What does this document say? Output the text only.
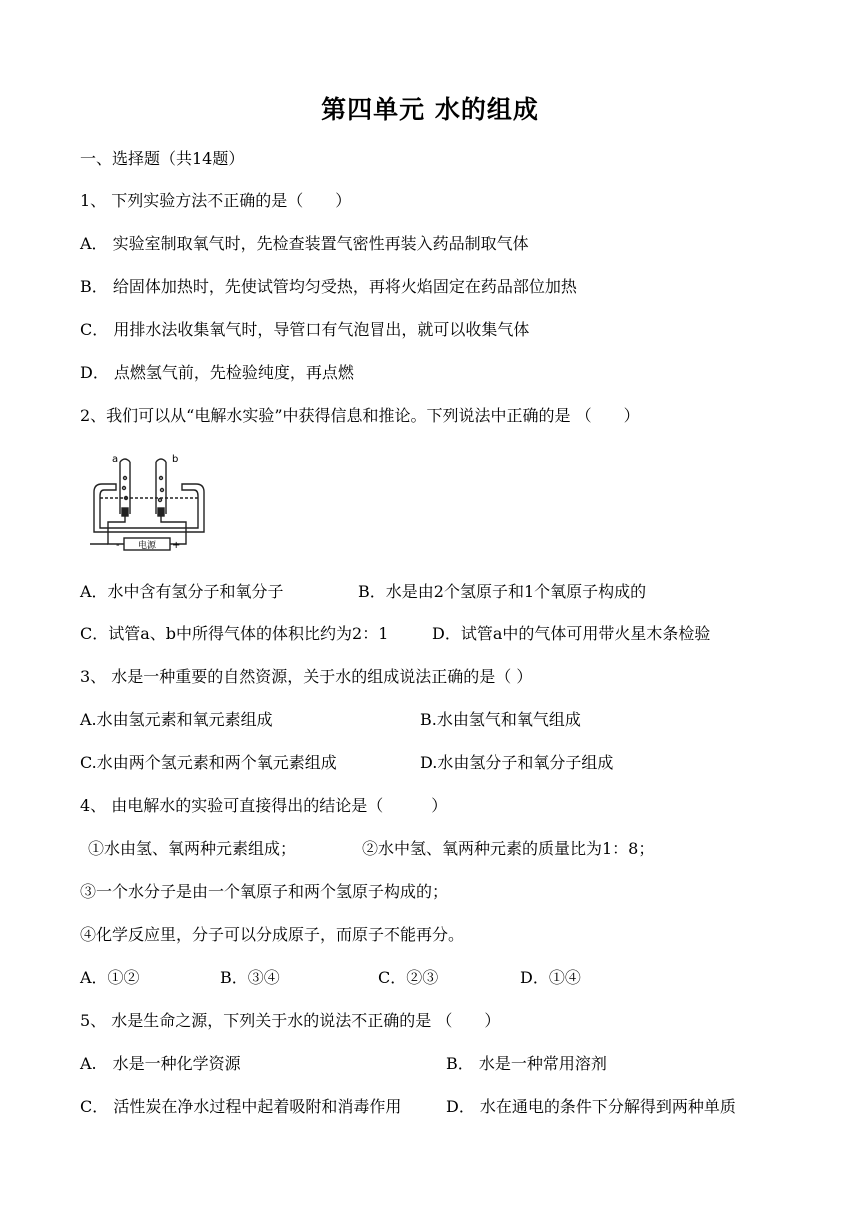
第四单元 水的组成
一、选择题（共14题）
1、 下列实验方法不正确的是（　　）
A． 实验室制取氧气时，先检查装置气密性再装入药品制取气体
B． 给固体加热时，先使试管均匀受热，再将火焰固定在药品部位加热
C． 用排水法收集氧气时，导管口有气泡冒出，就可以收集气体
D． 点燃氢气前，先检验纯度，再点燃
2、我们可以从“电解水实验”中获得信息和推论。下列说法中正确的是 （　　）
a	b
电源
-	+
A．水中含有氢分子和氧分子	B．水是由2个氢原子和1个氧原子构成的
C．试管a、b中所得气体的体积比约为2：1	D．试管a中的气体可用带火星木条检验
3、 水是一种重要的自然资源，关于水的组成说法正确的是（ ）
A.水由氢元素和氧元素组成	B.水由氢气和氧气组成
C.水由两个氢元素和两个氧元素组成	D.水由氢分子和氧分子组成
4、 由电解水的实验可直接得出的结论是（　　　）
①水由氢、氧两种元素组成；	②水中氢、氧两种元素的质量比为1：8；
③一个水分子是由一个氧原子和两个氢原子构成的；
④化学反应里，分子可以分成原子，而原子不能再分。
A．①②	B．③④	C．②③	D．①④
5、 水是生命之源，下列关于水的说法不正确的是 （　　）
A.　水是一种化学资源	B． 水是一种常用溶剂
C． 活性炭在净水过程中起着吸附和消毒作用	D． 水在通电的条件下分解得到两种单质
